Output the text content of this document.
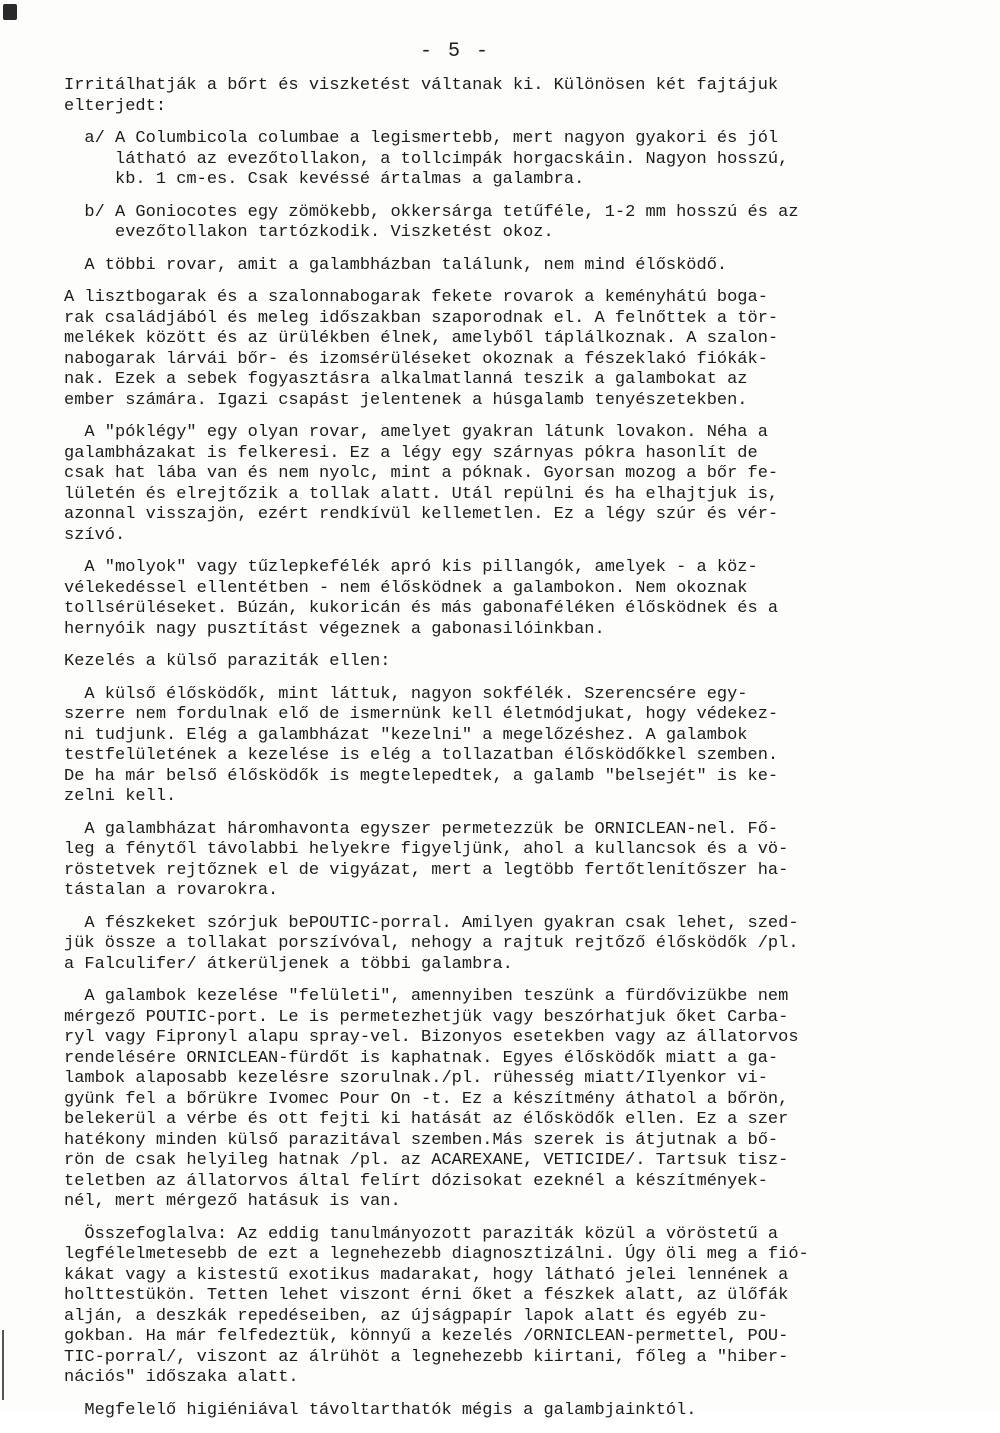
- 5 -
Irritálhatják a bőrt és viszketést váltanak ki. Különösen két fajtájuk
elterjedt:
a/ A Columbicola columbae a legismertebb, mert nagyon gyakori és jól
látható az evezőtollakon, a tollcimpák horgacskáin. Nagyon hosszú,
kb. 1 cm-es. Csak kevéssé ártalmas a galambra.
b/ A Goniocotes egy zömökebb, okkersárga tetűféle, 1-2 mm hosszú és az
evezőtollakon tartózkodik. Viszketést okoz.
A többi rovar, amit a galambházban találunk, nem mind élősködő.
A lisztbogarak és a szalonnabogarak fekete rovarok a keményhátú boga-
rak családjából és meleg időszakban szaporodnak el. A felnőttek a tör-
melékek között és az ürülékben élnek, amelyből táplálkoznak. A szalon-
nabogarak lárvái bőr- és izomsérüléseket okoznak a fészeklakó fiókák-
nak. Ezek a sebek fogyasztásra alkalmatlanná teszik a galambokat az
ember számára. Igazi csapást jelentenek a húsgalamb tenyészetekben.
A "póklégy" egy olyan rovar, amelyet gyakran látunk lovakon. Néha a
galambházakat is felkeresi. Ez a légy egy szárnyas pókra hasonlít de
csak hat lába van és nem nyolc, mint a póknak. Gyorsan mozog a bőr fe-
lületén és elrejtőzik a tollak alatt. Utál repülni és ha elhajtjuk is,
azonnal visszajön, ezért rendkívül kellemetlen. Ez a légy szúr és vér-
szívó.
A "molyok" vagy tűzlepkefélék apró kis pillangók, amelyek - a köz-
vélekedéssel ellentétben - nem élősködnek a galambokon. Nem okoznak
tollsérüléseket. Búzán, kukoricán és más gabonaféléken élősködnek és a
hernyóik nagy pusztítást végeznek a gabonasilóinkban.
Kezelés a külső paraziták ellen:
A külső élősködők, mint láttuk, nagyon sokfélék. Szerencsére egy-
szerre nem fordulnak elő de ismernünk kell életmódjukat, hogy védekez-
ni tudjunk. Elég a galambházat "kezelni" a megelőzéshez. A galambok
testfelületének a kezelése is elég a tollazatban élősködőkkel szemben.
De ha már belső élősködők is megtelepedtek, a galamb "belsejét" is ke-
zelni kell.
A galambházat háromhavonta egyszer permetezzük be ORNICLEAN-nel. Fő-
leg a fénytől távolabbi helyekre figyeljünk, ahol a kullancsok és a vö-
röstetvek rejtőznek el de vigyázat, mert a legtöbb fertőtlenítőszer ha-
tástalan a rovarokra.
A fészkeket szórjuk bePOUTIC-porral. Amilyen gyakran csak lehet, szed-
jük össze a tollakat porszívóval, nehogy a rajtuk rejtőző élősködők /pl.
a Falculifer/ átkerüljenek a többi galambra.
A galambok kezelése "felületi", amennyiben teszünk a fürdővizükbe nem
mérgező POUTIC-port. Le is permetezhetjük vagy beszórhatjuk őket Carba-
ryl vagy Fipronyl alapu spray-vel. Bizonyos esetekben vagy az állatorvos
rendelésére ORNICLEAN-fürdőt is kaphatnak. Egyes élősködők miatt a ga-
lambok alaposabb kezelésre szorulnak./pl. rühesség miatt/Ilyenkor vi-
gyünk fel a bőrükre Ivomec Pour On -t. Ez a készítmény áthatol a bőrön,
belekerül a vérbe és ott fejti ki hatását az élősködők ellen. Ez a szer
hatékony minden külső parazitával szemben.Más szerek is átjutnak a bő-
rön de csak helyileg hatnak /pl. az ACAREXANE, VETICIDE/. Tartsuk tisz-
teletben az állatorvos által felírt dózisokat ezeknél a készítmények-
nél, mert mérgező hatásuk is van.
Összefoglalva: Az eddig tanulmányozott paraziták közül a vöröstetű a
legfélelmetesebb de ezt a legnehezebb diagnosztizálni. Úgy öli meg a fió-
kákat vagy a kistestű exotikus madarakat, hogy látható jelei lennének a
holttestükön. Tetten lehet viszont érni őket a fészkek alatt, az ülőfák
alján, a deszkák repedéseiben, az újságpapír lapok alatt és egyéb zu-
gokban. Ha már felfedeztük, könnyű a kezelés /ORNICLEAN-permettel, POU-
TIC-porral/, viszont az álrühöt a legnehezebb kiirtani, főleg a "hiber-
nációs" időszaka alatt.
Megfelelő higiéniával távoltarthatók mégis a galambjainktól.
